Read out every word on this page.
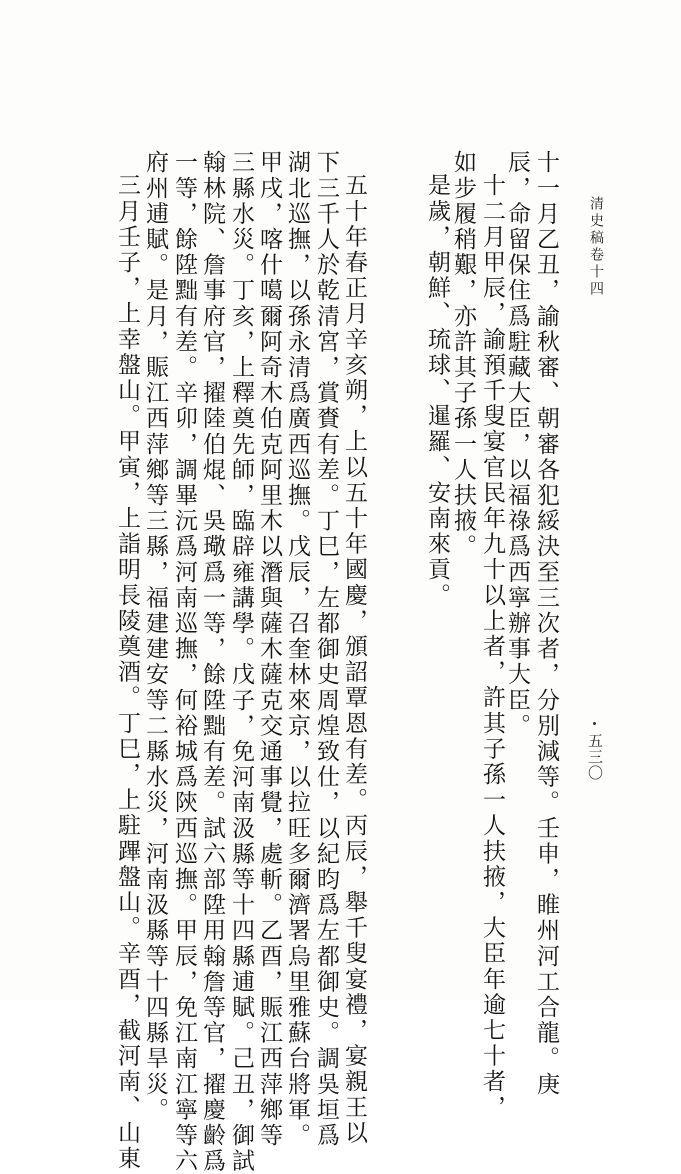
清史稿卷十四
五三〇
十一月乙丑，諭秋審、朝審各犯綏決至三次者，分別減等。壬申，睢州河工合龍。庚
辰，命留保住爲駐藏大臣，以福祿爲西寧辦事大臣。
十二月甲辰，諭預千叟宴官民年九十以上者，許其子孫一人扶掖，大臣年逾七十者，
如步履稍艱，亦許其子孫一人扶掖。
是歲，朝鮮、琉球、暹羅、安南來貢。
五十年春正月辛亥朔，上以五十年國慶，頒詔覃恩有差。丙辰，舉千叟宴禮，宴親王以
下三千人於乾清宮，賞賚有差。丁巳，左都御史周煌致仕，以紀昀爲左都御史。調吳垣爲
湖北巡撫，以孫永清爲廣西巡撫。戊辰，召奎林來京，以拉旺多爾濟署烏里雅蘇台將軍。
甲戌，喀什噶爾阿奇木伯克阿里木以潛與薩木薩克交通事覺，處斬。乙酉，賑江西萍鄉等
三縣水災。丁亥，上釋奠先師，臨辟雍講學。戊子，免河南汲縣等十四縣逋賦。己丑，御試
翰林院、詹事府官，擢陸伯焜、吳璥爲一等，餘陞黜有差。試六部陞用翰詹等官，擢慶齡爲
一等，餘陞黜有差。辛卯，調畢沅爲河南巡撫，何裕城爲陝西巡撫。甲辰，免江南江寧等六
府州逋賦。是月，賑江西萍鄉等三縣，福建建安等二縣水災，河南汲縣等十四縣旱災。
三月壬子，上幸盤山。甲寅，上詣明長陵奠酒。丁巳，上駐蹕盤山。辛酉，截河南、山東
